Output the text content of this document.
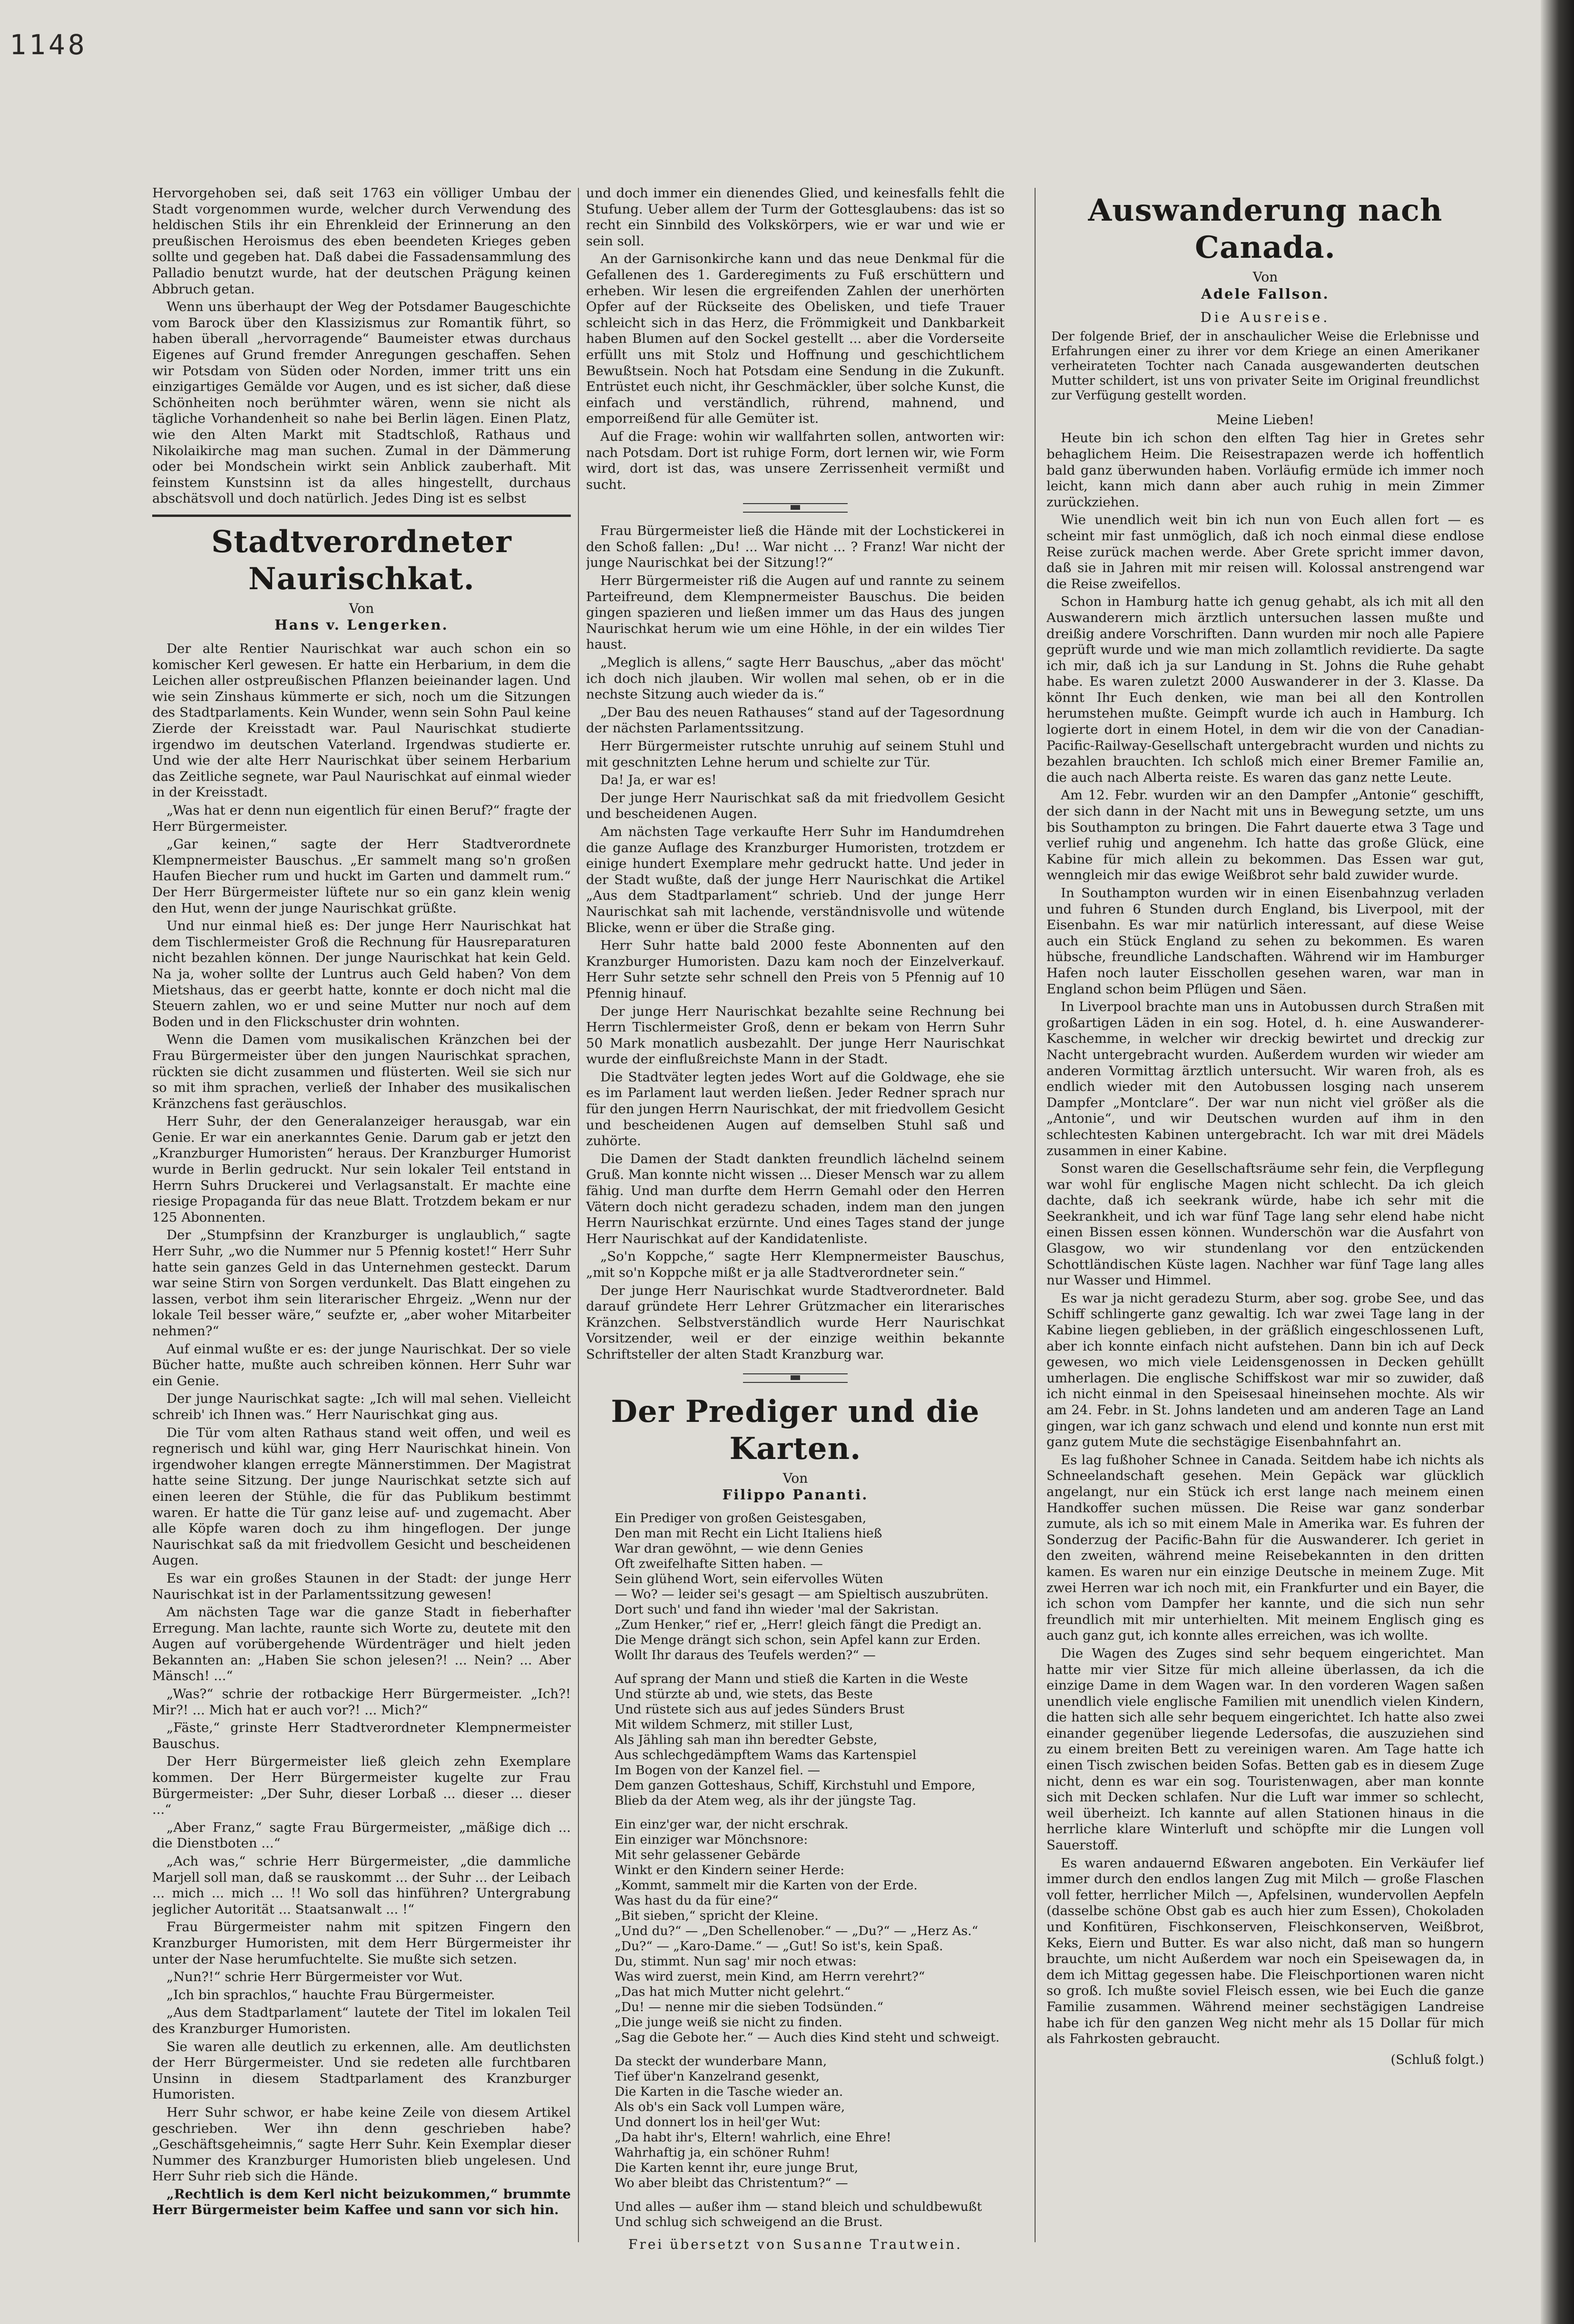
1148

Hervorgehoben sei, daß seit 1763 ein völliger Umbau der Stadt vorgenommen wurde, welcher durch Verwendung des heldischen Stils ihr ein Ehrenkleid der Erinnerung an den preußischen Heroismus des eben beendeten Krieges geben sollte und gegeben hat. Daß dabei die Fassadensammlung des Palladio benutzt wurde, hat der deutschen Prägung keinen Abbruch getan.

Wenn uns überhaupt der Weg der Potsdamer Baugeschichte vom Barock über den Klassizismus zur Romantik führt, so haben überall „hervorragende“ Baumeister etwas durchaus Eigenes auf Grund fremder Anregungen geschaffen. Sehen wir Potsdam von Süden oder Norden, immer tritt uns ein einzigartiges Gemälde vor Augen, und es ist sicher, daß diese Schönheiten noch berühmter wären, wenn sie nicht als tägliche Vorhandenheit so nahe bei Berlin lägen. Einen Platz, wie den Alten Markt mit Stadtschloß, Rathaus und Nikolaikirche mag man suchen. Zumal in der Dämmerung oder bei Mondschein wirkt sein Anblick zauberhaft. Mit feinstem Kunstsinn ist da alles hingestellt, durchaus abschätsvoll und doch natürlich. Jedes Ding ist es selbst

Stadtverordneter Naurischkat.
Von
Hans v. Lengerken.

Der alte Rentier Naurischkat war auch schon ein so komischer Kerl gewesen. Er hatte ein Herbarium, in dem die Leichen aller ostpreußischen Pflanzen beieinander lagen. Und wie sein Zinshaus kümmerte er sich, noch um die Sitzungen des Stadtparlaments. Kein Wunder, wenn sein Sohn Paul keine Zierde der Kreisstadt war. Paul Naurischkat studierte irgendwo im deutschen Vaterland. Irgendwas studierte er. Und wie der alte Herr Naurischkat über seinem Herbarium das Zeitliche segnete, war Paul Naurischkat auf einmal wieder in der Kreisstadt.

„Was hat er denn nun eigentlich für einen Beruf?“ fragte der Herr Bürgermeister.

„Gar keinen,“ sagte der Herr Stadtverordnete Klempnermeister Bauschus. „Er sammelt mang so'n großen Haufen Biecher rum und huckt im Garten und dammelt rum.“ Der Herr Bürgermeister lüftete nur so ein ganz klein wenig den Hut, wenn der junge Naurischkat grüßte.

Und nur einmal hieß es: Der junge Herr Naurischkat hat dem Tischlermeister Groß die Rechnung für Hausreparaturen nicht bezahlen können. Der junge Naurischkat hat kein Geld. Na ja, woher sollte der Luntrus auch Geld haben? Von dem Mietshaus, das er geerbt hatte, konnte er doch nicht mal die Steuern zahlen, wo er und seine Mutter nur noch auf dem Boden und in den Flickschuster drin wohnten.

Wenn die Damen vom musikalischen Kränzchen bei der Frau Bürgermeister über den jungen Naurischkat sprachen, rückten sie dicht zusammen und flüsterten. Weil sie sich nur so mit ihm sprachen, verließ der Inhaber des musikalischen Kränzchens fast geräuschlos.

Herr Suhr, der den Generalanzeiger herausgab, war ein Genie. Er war ein anerkanntes Genie. Darum gab er jetzt den „Kranzburger Humoristen“ heraus. Der Kranzburger Humorist wurde in Berlin gedruckt. Nur sein lokaler Teil entstand in Herrn Suhrs Druckerei und Verlagsanstalt. Er machte eine riesige Propaganda für das neue Blatt. Trotzdem bekam er nur 125 Abonnenten.

Der „Stumpfsinn der Kranzburger is unglaublich,“ sagte Herr Suhr, „wo die Nummer nur 5 Pfennig kostet!“ Herr Suhr hatte sein ganzes Geld in das Unternehmen gesteckt. Darum war seine Stirn von Sorgen verdunkelt. Das Blatt eingehen zu lassen, verbot ihm sein literarischer Ehrgeiz. „Wenn nur der lokale Teil besser wäre,“ seufzte er, „aber woher Mitarbeiter nehmen?“

Auf einmal wußte er es: der junge Naurischkat. Der so viele Bücher hatte, mußte auch schreiben können. Herr Suhr war ein Genie.

Der junge Naurischkat sagte: „Ich will mal sehen. Vielleicht schreib' ich Ihnen was.“ Herr Naurischkat ging aus.

Die Tür vom alten Rathaus stand weit offen, und weil es regnerisch und kühl war, ging Herr Naurischkat hinein. Von irgendwoher klangen erregte Männerstimmen. Der Magistrat hatte seine Sitzung. Der junge Naurischkat setzte sich auf einen leeren der Stühle, die für das Publikum bestimmt waren. Er hatte die Tür ganz leise auf- und zugemacht. Aber alle Köpfe waren doch zu ihm hingeflogen. Der junge Naurischkat saß da mit friedvollem Gesicht und bescheidenen Augen.

Es war ein großes Staunen in der Stadt: der junge Herr Naurischkat ist in der Parlamentssitzung gewesen!

Am nächsten Tage war die ganze Stadt in fieberhafter Erregung. Man lachte, raunte sich Worte zu, deutete mit den Augen auf vorübergehende Würdenträger und hielt jeden Bekannten an: „Haben Sie schon jelesen?! ... Nein? ... Aber Mänsch! ...“

„Was?“ schrie der rotbackige Herr Bürgermeister. „Ich?! Mir?! ... Mich hat er auch vor?! ... Mich?“

„Fäste,“ grinste Herr Stadtverordneter Klempnermeister Bauschus.

Der Herr Bürgermeister ließ gleich zehn Exemplare kommen. Der Herr Bürgermeister kugelte zur Frau Bürgermeister: „Der Suhr, dieser Lorbaß ... dieser ... dieser ...“

„Aber Franz,“ sagte Frau Bürgermeister, „mäßige dich ... die Dienstboten ...“

„Ach was,“ schrie Herr Bürgermeister, „die dammliche Marjell soll man, daß se rauskommt ... der Suhr ... der Leibach ... mich ... mich ... !! Wo soll das hinführen? Untergrabung jeglicher Autorität ... Staatsanwalt ... !“

Frau Bürgermeister nahm mit spitzen Fingern den Kranzburger Humoristen, mit dem Herr Bürgermeister ihr unter der Nase herumfuchtelte. Sie mußte sich setzen.

„Nun?!“ schrie Herr Bürgermeister vor Wut.

„Ich bin sprachlos,“ hauchte Frau Bürgermeister.

„Aus dem Stadtparlament“ lautete der Titel im lokalen Teil des Kranzburger Humoristen.

Sie waren alle deutlich zu erkennen, alle. Am deutlichsten der Herr Bürgermeister. Und sie redeten alle furchtbaren Unsinn in diesem Stadtparlament des Kranzburger Humoristen.

Herr Suhr schwor, er habe keine Zeile von diesem Artikel geschrieben. Wer ihn denn geschrieben habe? „Geschäftsgeheimnis,“ sagte Herr Suhr. Kein Exemplar dieser Nummer des Kranzburger Humoristen blieb ungelesen. Und Herr Suhr rieb sich die Hände.

„Rechtlich is dem Kerl nicht beizukommen,“ brummte Herr Bürgermeister beim Kaffee und sann vor sich hin.

und doch immer ein dienendes Glied, und keinesfalls fehlt die Stufung. Ueber allem der Turm der Gottesglaubens: das ist so recht ein Sinnbild des Volkskörpers, wie er war und wie er sein soll.

An der Garnisonkirche kann und das neue Denkmal für die Gefallenen des 1. Garderegiments zu Fuß erschüttern und erheben. Wir lesen die ergreifenden Zahlen der unerhörten Opfer auf der Rückseite des Obelisken, und tiefe Trauer schleicht sich in das Herz, die Frömmigkeit und Dankbarkeit haben Blumen auf den Sockel gestellt ... aber die Vorderseite erfüllt uns mit Stolz und Hoffnung und geschichtlichem Bewußtsein. Noch hat Potsdam eine Sendung in die Zukunft. Entrüstet euch nicht, ihr Geschmäckler, über solche Kunst, die einfach und verständlich, rührend, mahnend, und emporreißend für alle Gemüter ist.

Auf die Frage: wohin wir wallfahrten sollen, antworten wir: nach Potsdam. Dort ist ruhige Form, dort lernen wir, wie Form wird, dort ist das, was unsere Zerrissenheit vermißt und sucht.

Frau Bürgermeister ließ die Hände mit der Lochstickerei in den Schoß fallen: „Du! ... War nicht ... ? Franz! War nicht der junge Naurischkat bei der Sitzung!?“

Herr Bürgermeister riß die Augen auf und rannte zu seinem Parteifreund, dem Klempnermeister Bauschus. Die beiden gingen spazieren und ließen immer um das Haus des jungen Naurischkat herum wie um eine Höhle, in der ein wildes Tier haust.

„Meglich is allens,“ sagte Herr Bauschus, „aber das möcht' ich doch nich jlauben. Wir wollen mal sehen, ob er in die nechste Sitzung auch wieder da is.“

„Der Bau des neuen Rathauses“ stand auf der Tagesordnung der nächsten Parlamentssitzung.

Herr Bürgermeister rutschte unruhig auf seinem Stuhl und mit geschnitzten Lehne herum und schielte zur Tür.

Da! Ja, er war es!

Der junge Herr Naurischkat saß da mit friedvollem Gesicht und bescheidenen Augen.

Am nächsten Tage verkaufte Herr Suhr im Handumdrehen die ganze Auflage des Kranzburger Humoristen, trotzdem er einige hundert Exemplare mehr gedruckt hatte. Und jeder in der Stadt wußte, daß der junge Herr Naurischkat die Artikel „Aus dem Stadtparlament“ schrieb. Und der junge Herr Naurischkat sah mit lachende, verständnisvolle und wütende Blicke, wenn er über die Straße ging.

Herr Suhr hatte bald 2000 feste Abonnenten auf den Kranzburger Humoristen. Dazu kam noch der Einzelverkauf. Herr Suhr setzte sehr schnell den Preis von 5 Pfennig auf 10 Pfennig hinauf.

Der junge Herr Naurischkat bezahlte seine Rechnung bei Herrn Tischlermeister Groß, denn er bekam von Herrn Suhr 50 Mark monatlich ausbezahlt. Der junge Herr Naurischkat wurde der einflußreichste Mann in der Stadt.

Die Stadtväter legten jedes Wort auf die Goldwage, ehe sie es im Parlament laut werden ließen. Jeder Redner sprach nur für den jungen Herrn Naurischkat, der mit friedvollem Gesicht und bescheidenen Augen auf demselben Stuhl saß und zuhörte.

Die Damen der Stadt dankten freundlich lächelnd seinem Gruß. Man konnte nicht wissen ... Dieser Mensch war zu allem fähig. Und man durfte dem Herrn Gemahl oder den Herren Vätern doch nicht geradezu schaden, indem man den jungen Herrn Naurischkat erzürnte. Und eines Tages stand der junge Herr Naurischkat auf der Kandidatenliste.

„So'n Koppche,“ sagte Herr Klempnermeister Bauschus, „mit so'n Koppche mißt er ja alle Stadtverordneter sein.“

Der junge Herr Naurischkat wurde Stadtverordneter. Bald darauf gründete Herr Lehrer Grützmacher ein literarisches Kränzchen. Selbstverständlich wurde Herr Naurischkat Vorsitzender, weil er der einzige weithin bekannte Schriftsteller der alten Stadt Kranzburg war.

Der Prediger und die Karten.
Von
Filippo Pananti.
Ein Prediger von großen Geistesgaben,
Den man mit Recht ein Licht Italiens hieß
War dran gewöhnt, — wie denn Genies
Oft zweifelhafte Sitten haben. —
Sein glühend Wort, sein eifervolles Wüten
— Wo? — leider sei's gesagt — am Spieltisch auszubrüten.
Dort such' und fand ihn wieder 'mal der Sakristan.
„Zum Henker,“ rief er, „Herr! gleich fängt die Predigt an.
Die Menge drängt sich schon, sein Apfel kann zur Erden.
Wollt Ihr daraus des Teufels werden?“ —
Auf sprang der Mann und stieß die Karten in die Weste
Und stürzte ab und, wie stets, das Beste
Und rüstete sich aus auf jedes Sünders Brust
Mit wildem Schmerz, mit stiller Lust,
Als Jähling sah man ihn beredter Gebste,
Aus schlechgedämpftem Wams das Kartenspiel
Im Bogen von der Kanzel fiel. —
Dem ganzen Gotteshaus, Schiff, Kirchstuhl und Empore,
Blieb da der Atem weg, als ihr der jüngste Tag.
Ein einz'ger war, der nicht erschrak.
Ein einziger war Mönchsnore:
Mit sehr gelassener Gebärde
Winkt er den Kindern seiner Herde:
„Kommt, sammelt mir die Karten von der Erde.
Was hast du da für eine?“
„Bit sieben,“ spricht der Kleine.
„Und du?“ — „Den Schellenober.“ — „Du?“ — „Herz As.“
„Du?“ — „Karo-Dame.“ — „Gut! So ist's, kein Spaß.
Du, stimmt. Nun sag' mir noch etwas:
Was wird zuerst, mein Kind, am Herrn verehrt?“
„Das hat mich Mutter nicht gelehrt.“
„Du! — nenne mir die sieben Todsünden.“
„Die junge weiß sie nicht zu finden.
„Sag die Gebote her.“ — Auch dies Kind steht und schweigt.
Da steckt der wunderbare Mann,
Tief über'n Kanzelrand gesenkt,
Die Karten in die Tasche wieder an.
Als ob's ein Sack voll Lumpen wäre,
Und donnert los in heil'ger Wut:
„Da habt ihr's, Eltern! wahrlich, eine Ehre!
Wahrhaftig ja, ein schöner Ruhm!
Die Karten kennt ihr, eure junge Brut,
Wo aber bleibt das Christentum?“ —
Und alles — außer ihm — stand bleich und schuldbewußt
Und schlug sich schweigend an die Brust.
Frei übersetzt von Susanne Trautwein.
Auswanderung nach Canada.
Von
Adele Fallson.
Die Ausreise.
Der folgende Brief, der in anschaulicher Weise die Erlebnisse und Erfahrungen einer zu ihrer vor dem Kriege an einen Amerikaner verheirateten Tochter nach Canada ausgewanderten deutschen Mutter schildert, ist uns von privater Seite im Original freundlichst zur Verfügung gestellt worden.
Meine Lieben!

Heute bin ich schon den elften Tag hier in Gretes sehr behaglichem Heim. Die Reisestrapazen werde ich hoffentlich bald ganz überwunden haben. Vorläufig ermüde ich immer noch leicht, kann mich dann aber auch ruhig in mein Zimmer zurückziehen.

Wie unendlich weit bin ich nun von Euch allen fort — es scheint mir fast unmöglich, daß ich noch einmal diese endlose Reise zurück machen werde. Aber Grete spricht immer davon, daß sie in Jahren mit mir reisen will. Kolossal anstrengend war die Reise zweifellos.

Schon in Hamburg hatte ich genug gehabt, als ich mit all den Auswanderern mich ärztlich untersuchen lassen mußte und dreißig andere Vorschriften. Dann wurden mir noch alle Papiere geprüft wurde und wie man mich zollamtlich revidierte. Da sagte ich mir, daß ich ja sur Landung in St. Johns die Ruhe gehabt habe. Es waren zuletzt 2000 Auswanderer in der 3. Klasse. Da könnt Ihr Euch denken, wie man bei all den Kontrollen herumstehen mußte. Geimpft wurde ich auch in Hamburg. Ich logierte dort in einem Hotel, in dem wir die von der Canadian-Pacific-Railway-Gesellschaft untergebracht wurden und nichts zu bezahlen brauchten. Ich schloß mich einer Bremer Familie an, die auch nach Alberta reiste. Es waren das ganz nette Leute.

Am 12. Febr. wurden wir an den Dampfer „Antonie“ geschifft, der sich dann in der Nacht mit uns in Bewegung setzte, um uns bis Southampton zu bringen. Die Fahrt dauerte etwa 3 Tage und verlief ruhig und angenehm. Ich hatte das große Glück, eine Kabine für mich allein zu bekommen. Das Essen war gut, wenngleich mir das ewige Weißbrot sehr bald zuwider wurde.

In Southampton wurden wir in einen Eisenbahnzug verladen und fuhren 6 Stunden durch England, bis Liverpool, mit der Eisenbahn. Es war mir natürlich interessant, auf diese Weise auch ein Stück England zu sehen zu bekommen. Es waren hübsche, freundliche Landschaften. Während wir im Hamburger Hafen noch lauter Eisschollen gesehen waren, war man in England schon beim Pflügen und Säen.

In Liverpool brachte man uns in Autobussen durch Straßen mit großartigen Läden in ein sog. Hotel, d. h. eine Auswanderer-Kaschemme, in welcher wir dreckig bewirtet und dreckig zur Nacht untergebracht wurden. Außerdem wurden wir wieder am anderen Vormittag ärztlich untersucht. Wir waren froh, als es endlich wieder mit den Autobussen losging nach unserem Dampfer „Montclare“. Der war nun nicht viel größer als die „Antonie“, und wir Deutschen wurden auf ihm in den schlechtesten Kabinen untergebracht. Ich war mit drei Mädels zusammen in einer Kabine.

Sonst waren die Gesellschaftsräume sehr fein, die Verpflegung war wohl für englische Magen nicht schlecht. Da ich gleich dachte, daß ich seekrank würde, habe ich sehr mit die Seekrankheit, und ich war fünf Tage lang sehr elend habe nicht einen Bissen essen können. Wunderschön war die Ausfahrt von Glasgow, wo wir stundenlang vor den entzückenden Schottländischen Küste lagen. Nachher war fünf Tage lang alles nur Wasser und Himmel.

Es war ja nicht geradezu Sturm, aber sog. grobe See, und das Schiff schlingerte ganz gewaltig. Ich war zwei Tage lang in der Kabine liegen geblieben, in der gräßlich eingeschlossenen Luft, aber ich konnte einfach nicht aufstehen. Dann bin ich auf Deck gewesen, wo mich viele Leidensgenossen in Decken gehüllt umherlagen. Die englische Schiffskost war mir so zuwider, daß ich nicht einmal in den Speisesaal hineinsehen mochte. Als wir am 24. Febr. in St. Johns landeten und am anderen Tage an Land gingen, war ich ganz schwach und elend und konnte nun erst mit ganz gutem Mute die sechstägige Eisenbahnfahrt an.

Es lag fußhoher Schnee in Canada. Seitdem habe ich nichts als Schneelandschaft gesehen. Mein Gepäck war glücklich angelangt, nur ein Stück ich erst lange nach meinem einen Handkoffer suchen müssen. Die Reise war ganz sonderbar zumute, als ich so mit einem Male in Amerika war. Es fuhren der Sonderzug der Pacific-Bahn für die Auswanderer. Ich geriet in den zweiten, während meine Reisebekannten in den dritten kamen. Es waren nur ein einzige Deutsche in meinem Zuge. Mit zwei Herren war ich noch mit, ein Frankfurter und ein Bayer, die ich schon vom Dampfer her kannte, und die sich nun sehr freundlich mit mir unterhielten. Mit meinem Englisch ging es auch ganz gut, ich konnte alles erreichen, was ich wollte.

Die Wagen des Zuges sind sehr bequem eingerichtet. Man hatte mir vier Sitze für mich alleine überlassen, da ich die einzige Dame in dem Wagen war. In den vorderen Wagen saßen unendlich viele englische Familien mit unendlich vielen Kindern, die hatten sich alle sehr bequem eingerichtet. Ich hatte also zwei einander gegenüber liegende Ledersofas, die auszuziehen sind zu einem breiten Bett zu vereinigen waren. Am Tage hatte ich einen Tisch zwischen beiden Sofas. Betten gab es in diesem Zuge nicht, denn es war ein sog. Touristenwagen, aber man konnte sich mit Decken schlafen. Nur die Luft war immer so schlecht, weil überheizt. Ich kannte auf allen Stationen hinaus in die herrliche klare Winterluft und schöpfte mir die Lungen voll Sauerstoff.

Es waren andauernd Eßwaren angeboten. Ein Verkäufer lief immer durch den endlos langen Zug mit Milch — große Flaschen voll fetter, herrlicher Milch —, Apfelsinen, wundervollen Aepfeln (dasselbe schöne Obst gab es auch hier zum Essen), Chokoladen und Konfitüren, Fischkonserven, Fleischkonserven, Weißbrot, Keks, Eiern und Butter. Es war also nicht, daß man so hungern brauchte, um nicht Außerdem war noch ein Speisewagen da, in dem ich Mittag gegessen habe. Die Fleischportionen waren nicht so groß. Ich mußte soviel Fleisch essen, wie bei Euch die ganze Familie zusammen. Während meiner sechstägigen Landreise habe ich für den ganzen Weg nicht mehr als 15 Dollar für mich als Fahrkosten gebraucht.

(Schluß folgt.)
